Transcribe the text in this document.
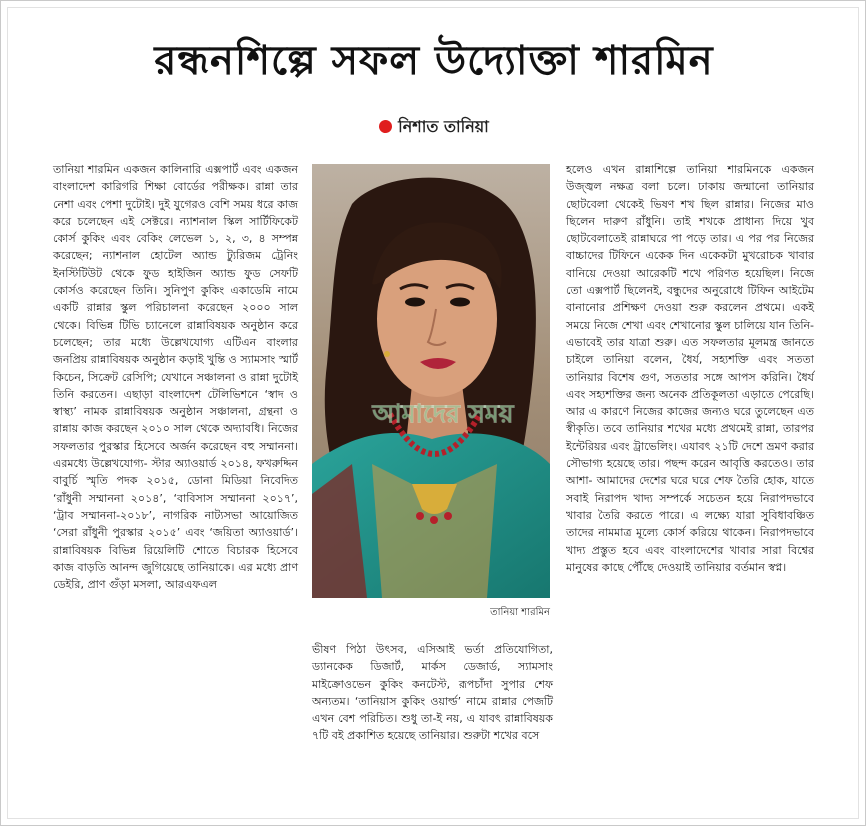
রন্ধনশিল্পে সফল উদ্যোক্তা শারমিন
নিশাত তানিয়া

তানিয়া শারমিন একজন কালিনারি এক্সপার্ট এবং একজন বাংলাদেশ কারিগরি শিক্ষা বোর্ডের পরীক্ষক। রান্না তার নেশা এবং পেশা দুটোই। দুই যুগেরও বেশি সময় ধরে কাজ করে চলেছেন এই সেক্টরে। ন্যাশনাল স্কিল সার্টিফিকেট কোর্স কুকিং এবং বেকিং লেভেল ১, ২, ৩, ৪ সম্পন্ন করেছেন; ন্যাশনাল হোটেল অ্যান্ড ট্যুরিজম ট্রেনিং ইনস্টিটিউট থেকে ফুড হাইজিন অ্যান্ড ফুড সেফটি কোর্সও করেছেন তিনি। সুনিপুণ কুকিং একাডেমি নামে একটি রান্নার স্কুল পরিচালনা করেছেন ২০০০ সাল থেকে। বিভিন্ন টিভি চ্যানেলে রান্নাবিষয়ক অনুষ্ঠান করে চলেছেন; তার মধ্যে উল্লেখযোগ্য এটিএন বাংলার জনপ্রিয় রান্নাবিষয়ক অনুষ্ঠান কড়াই খুন্তি ও স্যামসাং স্মার্ট কিচেন, সিক্রেট রেসিপি; যেখানে সঞ্চালনা ও রান্না দুটোই তিনি করতেন। এছাড়া বাংলাদেশ টেলিভিশনে ‘স্বাদ ও স্বাস্থ্য’ নামক রান্নাবিষয়ক অনুষ্ঠান সঞ্চালনা, গ্রন্থনা ও রান্নায় কাজ করছেন ২০১০ সাল থেকে অদ্যাবধি। নিজের সফলতার পুরস্কার হিসেবে অর্জন করেছেন বহু সম্মাননা। এরমধ্যে উল্লেখযোগ্য- স্টার অ্যাওয়ার্ড ২০১৪, ফখরুদ্দিন বাবুর্চি স্মৃতি পদক ২০১৫, ডোনা মিডিয়া নিবেদিত ‘রাঁধুনী সম্মাননা ২০১৪’, ‘বাবিসাস সম্মাননা ২০১৭’, ‘ট্রাব সম্মাননা-২০১৮’, নাগরিক নাট্যসভা আয়োজিত ‘সেরা রাঁধুনী পুরস্কার ২০১৫’ এবং ‘জয়িতা অ্যাওয়ার্ড’। রান্নাবিষয়ক বিভিন্ন রিয়েলিটি শোতে বিচারক হিসেবে কাজ বাড়তি আনন্দ জুগিয়েছে তানিয়াকে। এর মধ্যে প্রাণ ডেইরি, প্রাণ গুঁড়া মসলা, আরএফএল

আমাদের সময়
তানিয়া শারমিন

ভীষণ পিঠা উৎসব, এসিআই ভর্তা প্রতিযোগিতা, ড্যানকেক ডিজার্ট, মার্কস ডেজার্ড, স্যামসাং মাইক্রোওভেন কুকিং কনটেস্ট, রূপচাঁদা সুপার শেফ অন্যতম। ‘তানিয়াস কুকিং ওয়ার্ল্ড’ নামে রান্নার পেজটি এখন বেশ পরিচিত। শুধু তা-ই নয়, এ যাবৎ রান্নাবিষয়ক ৭টি বই প্রকাশিত হয়েছে তানিয়ার। শুরুটা শখের বসে

হলেও এখন রান্নাশিল্পে তানিয়া শারমিনকে একজন উজ্জ্বল নক্ষত্র বলা চলে। ঢাকায় জন্মানো তানিয়ার ছোটবেলা থেকেই ভিষণ শখ ছিল রান্নার। নিজের মাও ছিলেন দারুণ রাঁধুনি। তাই শখকে প্রাধান্য দিয়ে খুব ছোটবেলাতেই রান্নাঘরে পা পড়ে তার। এ পর পর নিজের বাচ্চাদের টিফিনে একেক দিন একেকটা মুখরোচক খাবার বানিয়ে দেওয়া আরেকটি শখে পরিণত হয়েছিল। নিজে তো এক্সপার্ট ছিলেনই, বন্ধুদের অনুরোধে টিফিন আইটেম বানানোর প্রশিক্ষণ দেওয়া শুরু করলেন প্রথমে। একই সময়ে নিজে শেখা এবং শেখানোর স্কুল চালিয়ে যান তিনি- এভাবেই তার যাত্রা শুরু। এত সফলতার মূলমন্ত্র জানতে চাইলে তানিয়া বলেন, ধৈর্য, সহ্যশক্তি এবং সততা তানিয়ার বিশেষ গুণ, সততার সঙ্গে আপস করিনি। ধৈর্য এবং সহ্যশক্তির জন্য অনেক প্রতিকূলতা এড়াতে পেরেছি। আর এ কারণে নিজের কাজের জন্যও ঘরে তুলেছেন এত স্বীকৃতি। তবে তানিয়ার শখের মধ্যে প্রথমেই রান্না, তারপর ইন্টেরিয়র এবং ট্রাভেলিং। এযাবৎ ২১টি দেশে ভ্রমণ করার সৌভাগ্য হয়েছে তার। পছন্দ করেন আবৃত্তি করতেও। তার আশা- আমাদের দেশের ঘরে ঘরে শেফ তৈরি হোক, যাতে সবাই নিরাপদ খাদ্য সম্পর্কে সচেতন হয়ে নিরাপদভাবে খাবার তৈরি করতে পারে। এ লক্ষ্যে যারা সুবিধাবঞ্চিত তাদের নামমাত্র মূল্যে কোর্স করিয়ে থাকেন। নিরাপদভাবে খাদ্য প্রস্তুত হবে এবং বাংলাদেশের খাবার সারা বিশ্বের মানুষের কাছে পৌঁছে দেওয়াই তানিয়ার বর্তমান স্বপ্ন।
